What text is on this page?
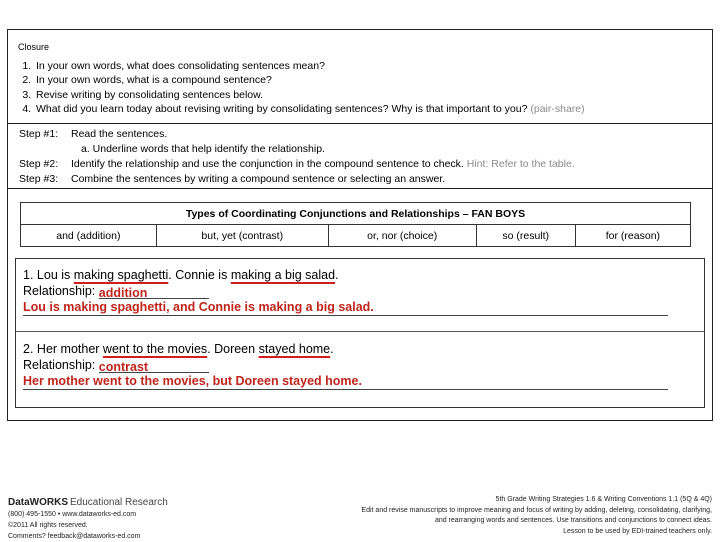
Closure
1. In your own words, what does consolidating sentences mean?
2. In your own words, what is a compound sentence?
3. Revise writing by consolidating sentences below.
4. What did you learn today about revising writing by consolidating sentences? Why is that important to you? (pair-share)
Step #1: Read the sentences.
a. Underline words that help identify the relationship.
Step #2: Identify the relationship and use the conjunction in the compound sentence to check. Hint: Refer to the table.
Step #3: Combine the sentences by writing a compound sentence or selecting an answer.
Types of Coordinating Conjunctions and Relationships – FAN BOYS
and (addition)	but, yet (contrast)	or, nor (choice)	so (result)	for (reason)
1. Lou is making spaghetti. Connie is making a big salad.
Relationship: addition
Lou is making spaghetti, and Connie is making a big salad.
2. Her mother went to the movies. Doreen stayed home.
Relationship: contrast
Her mother went to the movies, but Doreen stayed home.
DataWORKS Educational Research
(800) 495-1550 • www.dataworks-ed.com
©2011 All rights reserved.
Comments? feedback@dataworks-ed.com
5th Grade Writing Strategies 1.6 & Writing Conventions 1.1 (5Q & 4Q)
Edit and revise manuscripts to improve meaning and focus of writing by adding, deleting, consolidating, clarifying,
and rearranging words and sentences. Use transitions and conjunctions to connect ideas.
Lesson to be used by EDI-trained teachers only.
